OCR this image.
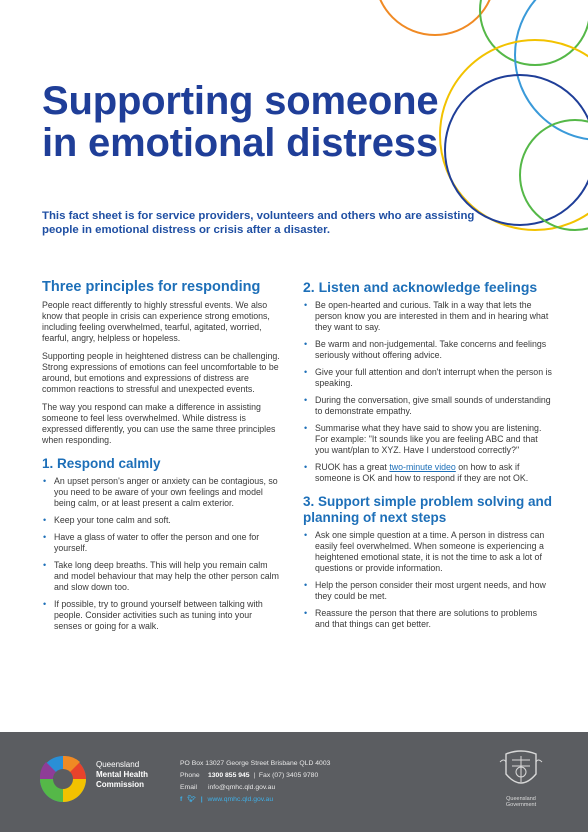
Supporting someone
in emotional distress

This fact sheet is for service providers, volunteers and others who are assisting people in emotional distress or crisis after a disaster.

Three principles for responding

People react differently to highly stressful events. We also know that people in crisis can experience strong emotions, including feeling overwhelmed, tearful, agitated, worried, fearful, angry, helpless or hopeless.

Supporting people in heightened distress can be challenging. Strong expressions of emotions can feel uncomfortable to be around, but emotions and expressions of distress are common reactions to stressful and unexpected events.

The way you respond can make a difference in assisting someone to feel less overwhelmed. While distress is expressed differently, you can use the same three principles when responding.

1. Respond calmly
• An upset person's anger or anxiety can be contagious, so you need to be aware of your own feelings and model being calm, or at least present a calm exterior.
• Keep your tone calm and soft.
• Have a glass of water to offer the person and one for yourself.
• Take long deep breaths. This will help you remain calm and model behaviour that may help the other person calm and slow down too.
• If possible, try to ground yourself between talking with people. Consider activities such as tuning into your senses or going for a walk.
2. Listen and acknowledge feelings
• Be open-hearted and curious. Talk in a way that lets the person know you are interested in them and in hearing what they want to say.
• Be warm and non-judgemental. Take concerns and feelings seriously without offering advice.
• Give your full attention and don't interrupt when the person is speaking.
• During the conversation, give small sounds of understanding to demonstrate empathy.
• Summarise what they have said to show you are listening. For example: "It sounds like you are feeling ABC and that you want/plan to XYZ. Have I understood correctly?"
• RUOK has a great two-minute video on how to ask if someone is OK and how to respond if they are not OK.
3. Support simple problem solving and planning of next steps
• Ask one simple question at a time. A person in distress can easily feel overwhelmed. When someone is experiencing a heightened emotional state, it is not the time to ask a lot of questions or provide information.
• Help the person consider their most urgent needs, and how they could be met.
• Reassure the person that there are solutions to problems and that things can get better.
Queensland
Mental Health
Commission
PO Box 13027 George Street Brisbane QLD 4003
Phone 1300 855 945  |  Fax (07) 3405 9780
Email info@qmhc.qld.gov.au
f 🐦︎ | www.qmhc.qld.gov.au	Queensland
Government
